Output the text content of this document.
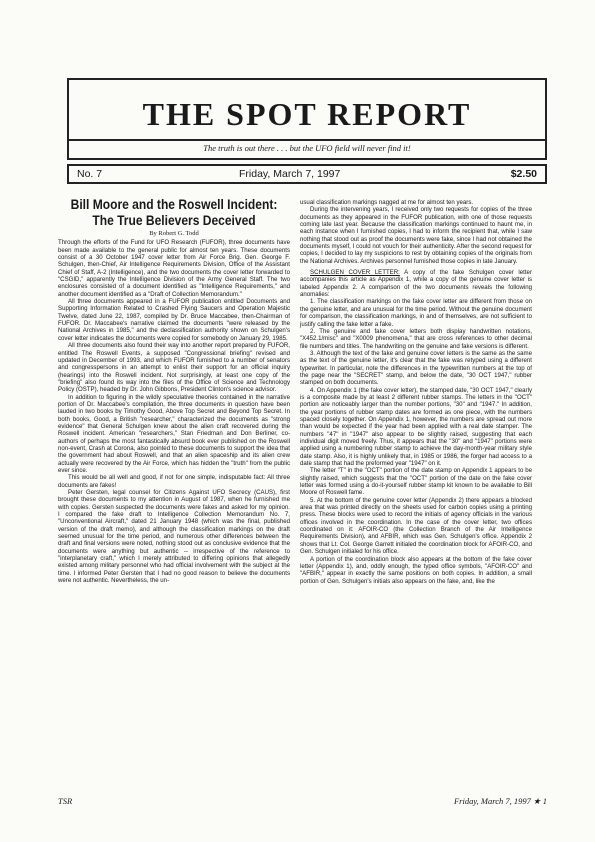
THE SPOT REPORT
The truth is out there . . . but the UFO field will never find it!
No. 7	Friday, March 7, 1997	$2.50
Bill Moore and the Roswell Incident:
The True Believers Deceived
By Robert G. Todd

Through the efforts of the Fund for UFO Research (FUFOR), three documents have been made available to the general public for almost ten years. These documents consist of a 30 October 1947 cover letter from Air Force Brig. Gen. George F. Schulgen, then-Chief, Air Intelligence Requirements Division, Office of the Assistant Chief of Staff, A-2 (Intelligence), and the two documents the cover letter forwarded to "CSGID," apparently the Intelligence Division of the Army General Staff. The two enclosures consisted of a document identified as "Intelligence Requirements," and another document identified as a "Draft of Collection Memorandum."

All three documents appeared in a FUFOR publication entitled Documents and Supporting Information Related to Crashed Flying Saucers and Operation Majestic Twelve, dated June 22, 1987, compiled by Dr. Bruce Maccabee, then-Chairman of FUFOR. Dr. Maccabee's narrative claimed the documents "were released by the National Archives in 1985," and the declassification authority shown on Schulgen's cover letter indicates the documents were copied for somebody on January 29, 1985.

All three documents also found their way into another report prepared by FUFOR, entitled The Roswell Events, a supposed "Congressional briefing" revised and updated in December of 1993, and which FUFOR furnished to a number of senators and congresspersons in an attempt to enlist their support for an official inquiry (hearings) into the Roswell incident. Not surprisingly, at least one copy of the "briefing" also found its way into the files of the Office of Science and Technology Policy (OSTP), headed by Dr. John Gibbons, President Clinton's science advisor.

In addition to figuring in the wildly speculative theories contained in the narrative portion of Dr. Maccabee's compilation, the three documents in question have been lauded in two books by Timothy Good, Above Top Secret and Beyond Top Secret. In both books, Good, a British "researcher," characterized the documents as "strong evidence" that General Schulgen knew about the alien craft recovered during the Roswell incident. American "researchers," Stan Friedman and Don Berliner, co-authors of perhaps the most fantastically absurd book ever published on the Roswell non-event, Crash at Corona, also pointed to these documents to support the idea that the government had about Roswell, and that an alien spaceship and its alien crew actually were recovered by the Air Force, which has hidden the "truth" from the public ever since.

This would be all well and good, if not for one simple, indisputable fact: All three documents are fakes!

Peter Gersten, legal counsel for Citizens Against UFO Secrecy (CAUS), first brought these documents to my attention in August of 1987, when he furnished me with copies. Gersten suspected the documents were fakes and asked for my opinion. I compared the fake draft to Intelligence Collection Memorandum No. 7, "Unconventional Aircraft," dated 21 January 1948 (which was the final, published version of the draft memo), and although the classification markings on the draft seemed unusual for the time period, and numerous other differences between the draft and final versions were noted, nothing stood out as conclusive evidence that the documents were anything but authentic -- irrespective of the reference to "interplanetary craft," which I merely attributed to differing opinions that allegedly existed among military personnel who had official involvement with the subject at the time. I informed Peter Gersten that I had no good reason to believe the documents were not authentic. Nevertheless, the un-

usual classification markings nagged at me for almost ten years.

During the intervening years, I received only two requests for copies of the three documents as they appeared in the FUFOR publication, with one of those requests coming late last year. Because the classification markings continued to haunt me, in each instance when I furnished copies, I had to inform the recipient that, while I saw nothing that stood out as proof the documents were fake, since I had not obtained the documents myself, I could not vouch for their authenticity. After the second request for copies, I decided to lay my suspicions to rest by obtaining copies of the originals from the National Archives. Archives personnel furnished those copies in late January.

SCHULGEN COVER LETTER: A copy of the fake Schulgen cover letter accompanies this article as Appendix 1, while a copy of the genuine cover letter is labeled Appendix 2. A comparison of the two documents reveals the following anomalies:

1. The classification markings on the fake cover letter are different from those on the genuine letter, and are unusual for the time period. Without the genuine document for comparison, the classification markings, in and of themselves, are not sufficient to justify calling the fake letter a fake.

2. The genuine and fake cover letters both display handwritten notations, "X452.1/misc" and "X0009 phenomena," that are cross references to other decimal file numbers and titles. The handwriting on the genuine and fake versions is different.

3. Although the text of the fake and genuine cover letters is the same as the same as the text of the genuine letter, it's clear that the fake was retyped using a different typewriter. In particular, note the differences in the typewritten numbers at the top of the page near the "SECRET" stamp, and below the date, "30 OCT 1947," rubber stamped on both documents.

4. On Appendix 1 (the fake cover letter), the stamped date, "30 OCT 1947," clearly is a composite made by at least 2 different rubber stamps. The letters in the "OCT" portion are noticeably larger than the number portions, "30" and "1947." In addition, the year portions of rubber stamp dates are formed as one piece, with the numbers spaced closely together. On Appendix 1, however, the numbers are spread out more than would be expected if the year had been applied with a real date stamper. The numbers "47" in "1947" also appear to be slightly raised, suggesting that each individual digit moved freely. Thus, it appears that the "30" and "1947" portions were applied using a numbering rubber stamp to achieve the day-month-year military style date stamp. Also, it is highly unlikely that, in 1985 or 1986, the forger had access to a date stamp that had the preformed year "1947" on it.

The letter "T" in the "OCT" portion of the date stamp on Appendix 1 appears to be slightly raised, which suggests that the "OCT" portion of the date on the fake cover letter was formed using a do-it-yourself rubber stamp kit known to be available to Bill Moore of Roswell fame.

5. At the bottom of the genuine cover letter (Appendix 2) there appears a blocked area that was printed directly on the sheets used for carbon copies using a printing press. These blocks were used to record the initials of agency officials in the various offices involved in the coordination. In the case of the cover letter, two offices coordinated on it: AFOIR-CO (the Collection Branch of the Air Intelligence Requirements Division), and AFBIR, which was Gen. Schulgen's office. Appendix 2 shows that Lt. Col. George Garrett initialed the coordination block for AFOIR-CO, and Gen. Schulgen initialed for his office.

A portion of the coordination block also appears at the bottom of the fake cover letter (Appendix 1), and, oddly enough, the typed office symbols, "AFOIR-CO" and "AFBIR," appear in exactly the same positions on both copies. In addition, a small portion of Gen. Schulgen's initials also appears on the fake, and, like the

TSR	Friday, March 7, 1997 ★ 1
